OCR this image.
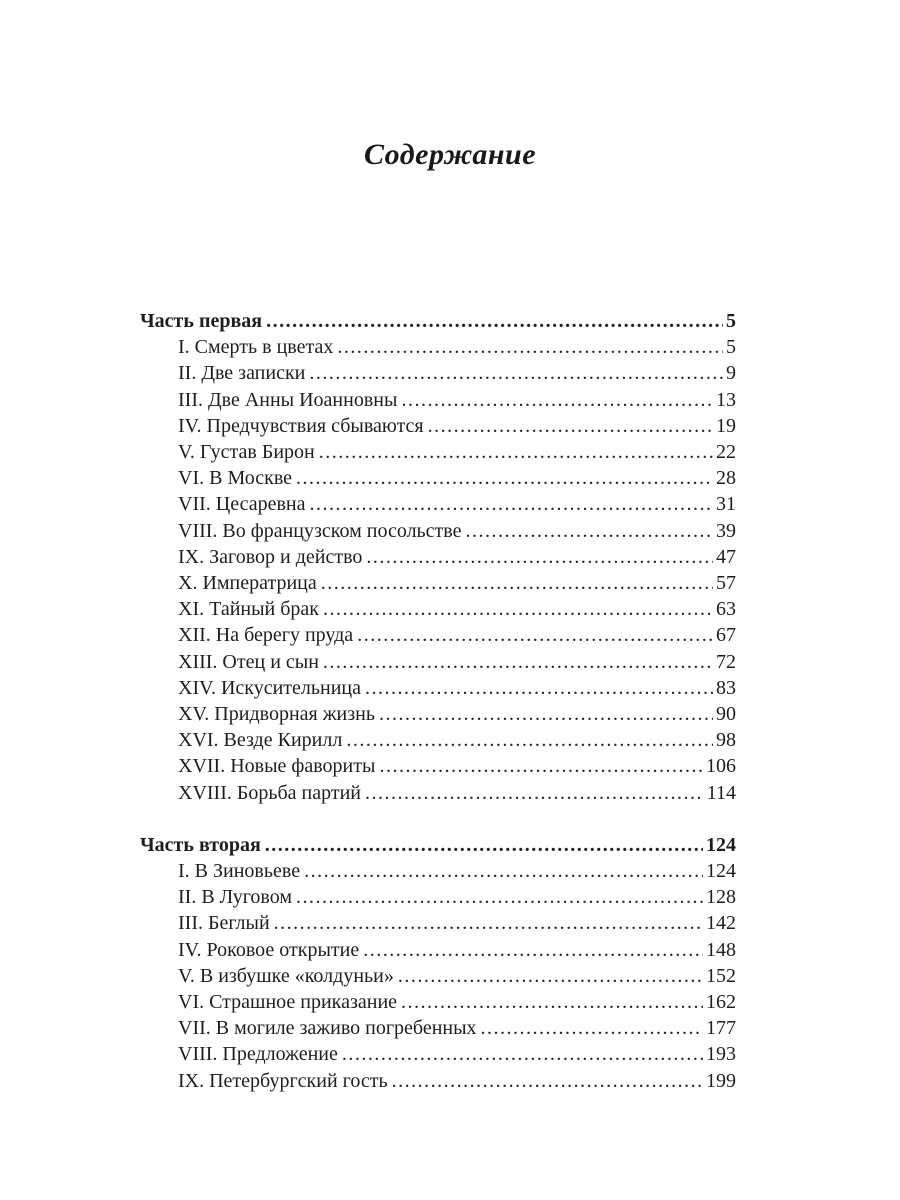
Содержание
Часть первая .....	5
I. Смерть в цветах .....	5
II. Две записки .....	9
III. Две Анны Иоанновны .....	13
IV. Предчувствия сбываются .....	19
V. Густав Бирон .....	22
VI. В Москве .....	28
VII. Цесаревна .....	31
VIII. Во французском посольстве .....	39
IX. Заговор и действо .....	47
X. Императрица .....	57
XI. Тайный брак .....	63
XII. На берегу пруда .....	67
XIII. Отец и сын .....	72
XIV. Искусительница .....	83
XV. Придворная жизнь .....	90
XVI. Везде Кирилл .....	98
XVII. Новые фавориты .....	106
XVIII. Борьба партий .....	114
Часть вторая .....	124
I. В Зиновьеве .....	124
II. В Луговом .....	128
III. Беглый .....	142
IV. Роковое открытие .....	148
V. В избушке «колдуньи» .....	152
VI. Страшное приказание .....	162
VII. В могиле заживо погребенных .....	177
VIII. Предложение .....	193
IX. Петербургский гость .....	199
